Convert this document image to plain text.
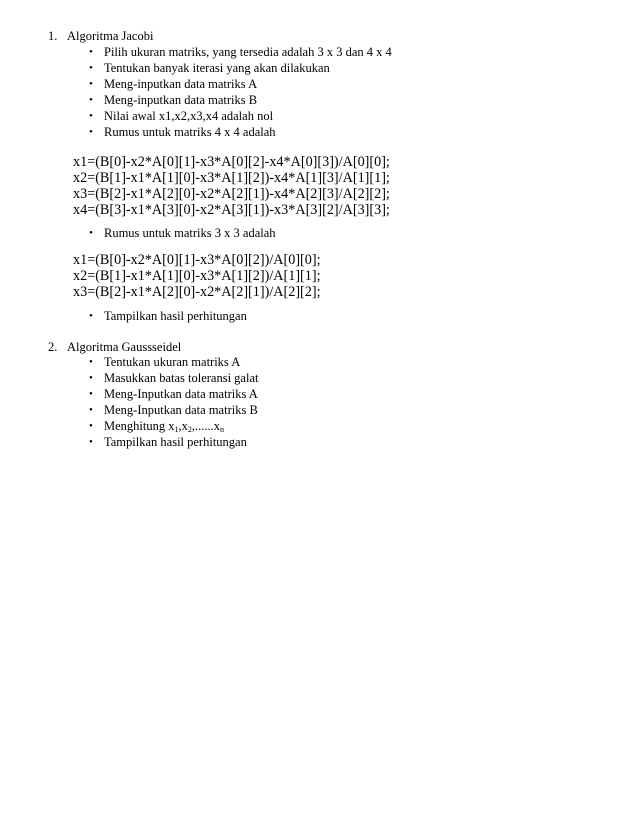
1. Algoritma Jacobi
• Pilih ukuran matriks, yang tersedia adalah 3 x 3 dan 4 x 4
• Tentukan banyak iterasi yang akan dilakukan
• Meng-inputkan data matriks A
• Meng-inputkan data matriks B
• Nilai awal x1,x2,x3,x4 adalah nol
• Rumus untuk matriks 4 x 4 adalah
x1=(B[0]-x2*A[0][1]-x3*A[0][2]-x4*A[0][3])/A[0][0];
x2=(B[1]-x1*A[1][0]-x3*A[1][2])-x4*A[1][3]/A[1][1];
x3=(B[2]-x1*A[2][0]-x2*A[2][1])-x4*A[2][3]/A[2][2];
x4=(B[3]-x1*A[3][0]-x2*A[3][1])-x3*A[3][2]/A[3][3];
• Rumus untuk matriks 3 x 3 adalah
x1=(B[0]-x2*A[0][1]-x3*A[0][2])/A[0][0];
x2=(B[1]-x1*A[1][0]-x3*A[1][2])/A[1][1];
x3=(B[2]-x1*A[2][0]-x2*A[2][1])/A[2][2];
• Tampilkan hasil perhitungan
2. Algoritma Gaussseidel
• Tentukan ukuran matriks A
• Masukkan batas toleransi galat
• Meng-Inputkan data matriks A
• Meng-Inputkan data matriks B
• Menghitung $x_1,x_2,......x_n$
• Tampilkan hasil perhitungan
